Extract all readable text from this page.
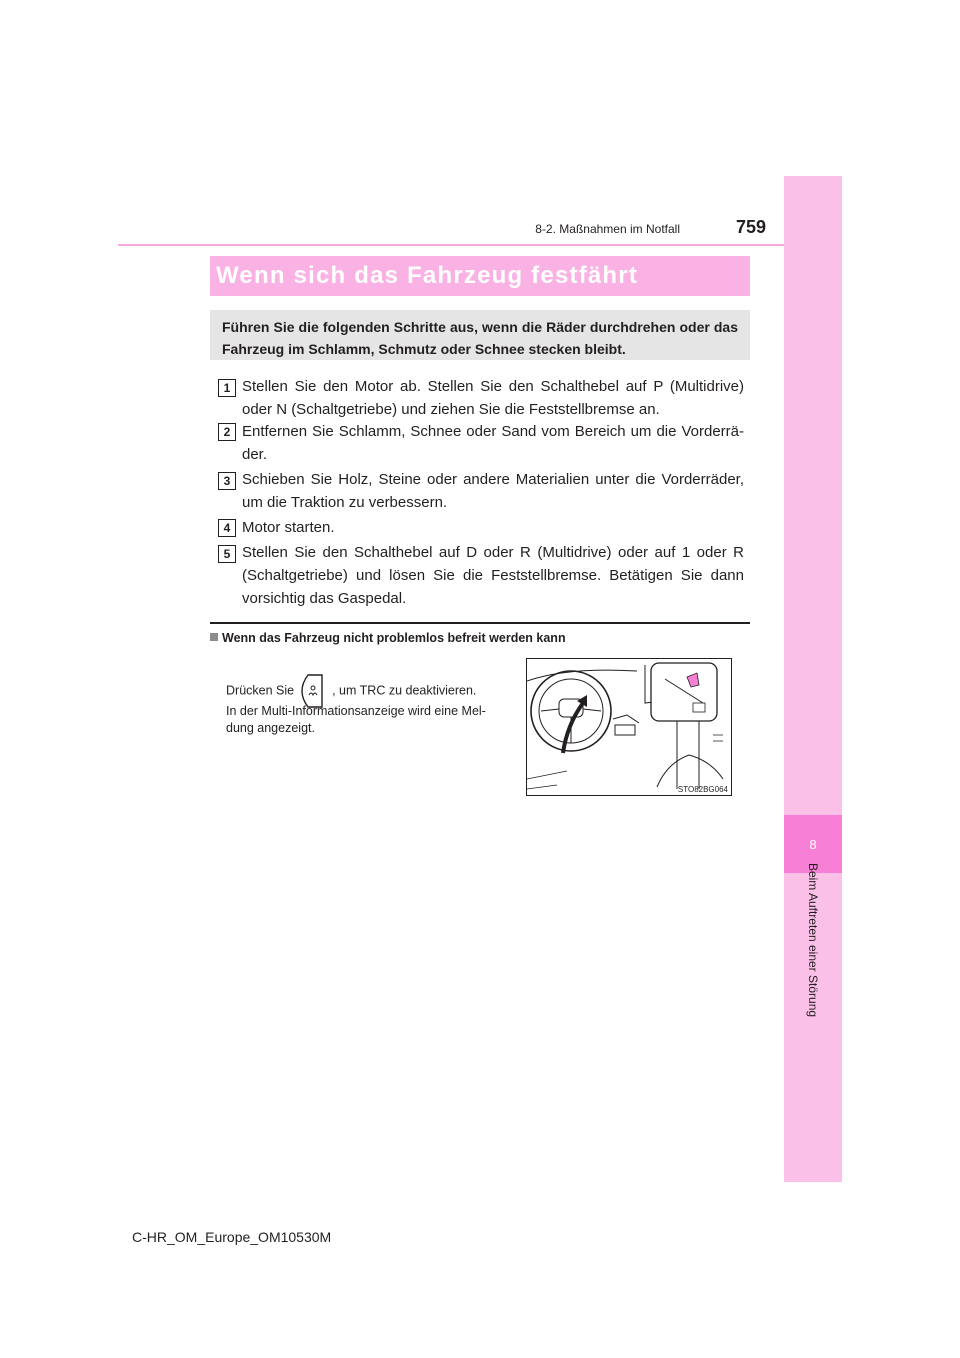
8
Beim Auftreten einer Störung
8-2. Maßnahmen im Notfall	759
Wenn sich das Fahrzeug festfährt
Führen Sie die folgenden Schritte aus, wenn die Räder durchdrehen oder das Fahrzeug im Schlamm, Schmutz oder Schnee stecken bleibt.
1 Stellen Sie den Motor ab. Stellen Sie den Schalthebel auf P (Multidrive) oder N (Schaltgetriebe) und ziehen Sie die Feststellbremse an.
2 Entfernen Sie Schlamm, Schnee oder Sand vom Bereich um die Vorderrä-der.
3 Schieben Sie Holz, Steine oder andere Materialien unter die Vorderräder, um die Traktion zu verbessern.
4 Motor starten.
5 Stellen Sie den Schalthebel auf D oder R (Multidrive) oder auf 1 oder R (Schaltgetriebe) und lösen Sie die Feststellbremse. Betätigen Sie dann vorsichtig das Gaspedal.
Wenn das Fahrzeug nicht problemlos befreit werden kann
Drücken Sie	, um TRC zu deaktivieren.
In der Multi-Informationsanzeige wird eine Mel-dung angezeigt.
STO82BG064
C-HR_OM_Europe_OM10530M
